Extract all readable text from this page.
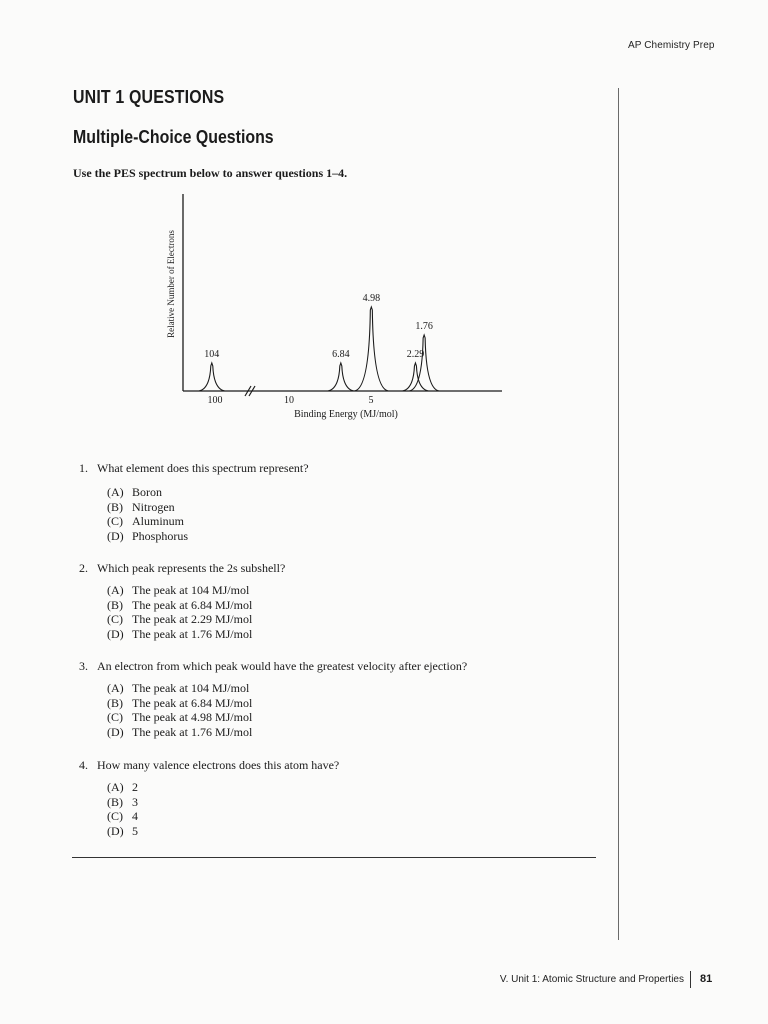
AP Chemistry Prep
UNIT 1 QUESTIONS
Multiple-Choice Questions
Use the PES spectrum below to answer questions 1–4.
104	6.84
4.98
2.29
1.76
100	10	5
Relative Number of Electrons
Binding Energy (MJ/mol)
1. What element does this spectrum represent?
(A) Boron
(B) Nitrogen
(C) Aluminum
(D) Phosphorus
2. Which peak represents the 2s subshell?
(A) The peak at 104 MJ/mol
(B) The peak at 6.84 MJ/mol
(C) The peak at 2.29 MJ/mol
(D) The peak at 1.76 MJ/mol
3. An electron from which peak would have the greatest velocity after ejection?
(A) The peak at 104 MJ/mol
(B) The peak at 6.84 MJ/mol
(C) The peak at 4.98 MJ/mol
(D) The peak at 1.76 MJ/mol
4. How many valence electrons does this atom have?
(A) 2
(B) 3
(C) 4
(D) 5
V. Unit 1: Atomic Structure and Properties 81
